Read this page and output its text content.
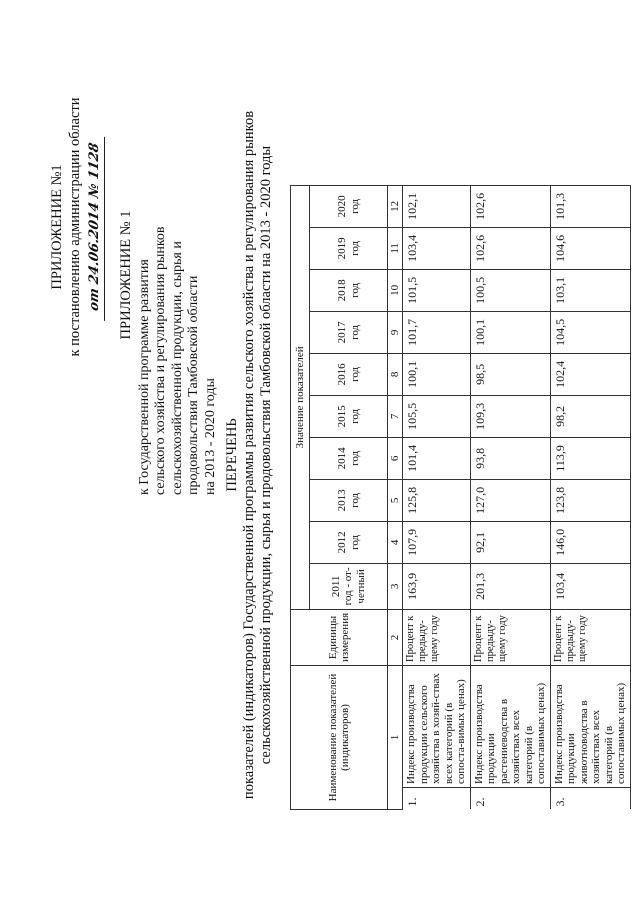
ПРИЛОЖЕНИЕ №1 к постановлению администрации области от 24.06.2014 № 1128 ПРИЛОЖЕНИЕ № 1 к Государственной программе развития сельского хозяйства и регулирования рынков сельскохозяйственной продукции, сырья и продовольствия Тамбовской области на 2013 - 2020 годы ПЕРЕЧЕНЬ показателей (индикаторов) Государственной программы развития сельского хозяйства и регулирования рынков сельскохозяйственной продукции, сырья и продовольствия Тамбовской области на 2013 - 2020 годы	Наименование показателей (индикаторов)		Единицы измерения	Значение показателей									
			2011 год - от-четный	2012 год	2013 год	2014 год	2015 год	2016 год	2017 год	2018 год	2019 год	2020 год
1		2	3	4	5	6	7	8	9	10	11	12
1.	Индекс производства продукции сельского хозяйства в хозяй-ствах всех категорий (в сопоста-вимых ценах)	Процент к предыду-щему году	163,9	107,9	125,8	101,4	105,5	100,1	101,7	101,5	103,4	102,1
2.	Индекс производства продукции растениеводства в хозяйствах всех категорий (в сопоставимых ценах)	Процент к предыду-щему году	201,3	92,1	127,0	93,8	109,3	98,5	100,1	100,5	102,6	102,6
3.	Индекс производства продукции животноводства в хозяйствах всех категорий (в сопоставимых ценах)	Процент к предыду-щему году	103,4	146,0	123,8	113,9	98,2	102,4	104,5	103,1	104,6	101,3
